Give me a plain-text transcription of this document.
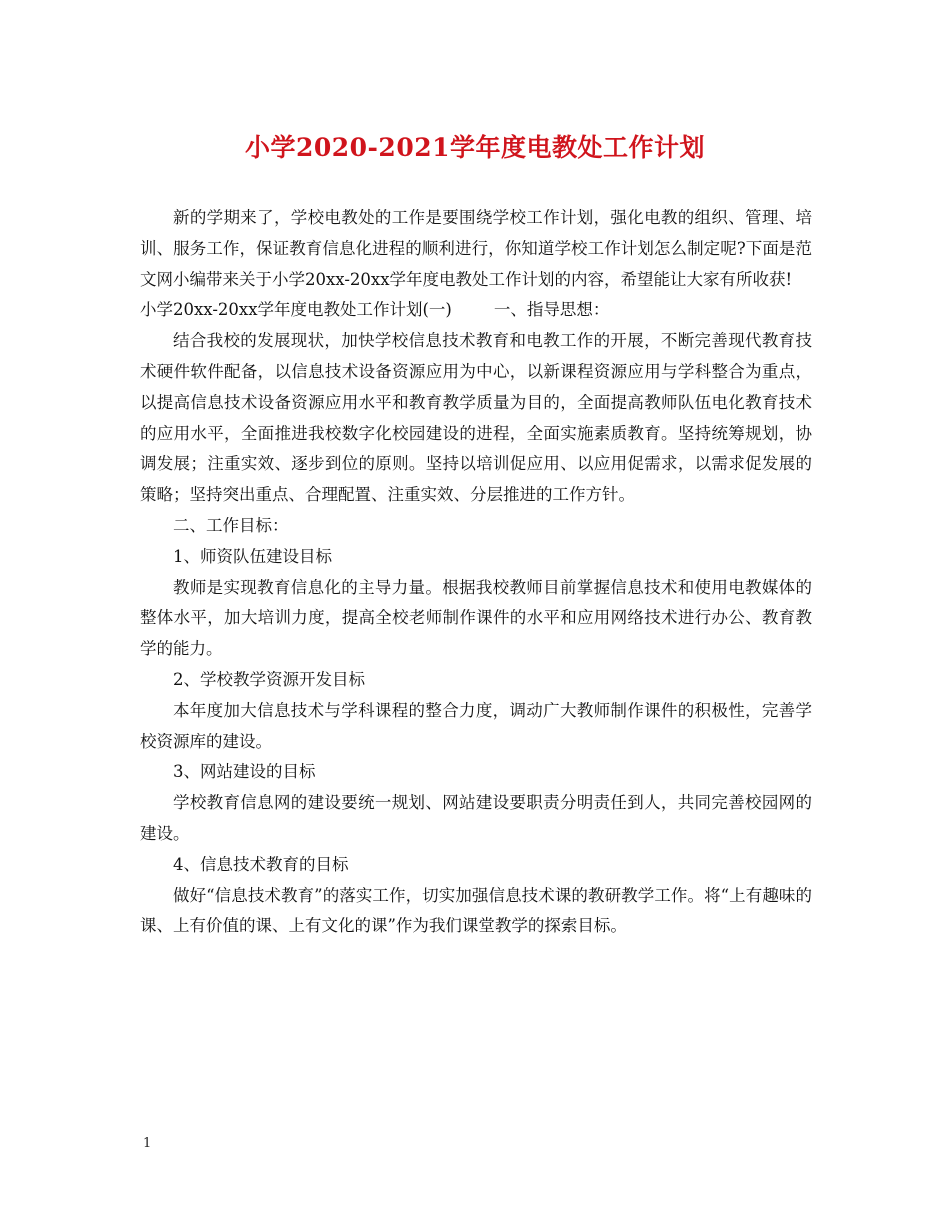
小学2020-2021学年度电教处工作计划

新的学期来了，学校电教处的工作是要围绕学校工作计划，强化电教的组织、管理、培训、服务工作，保证教育信息化进程的顺利进行，你知道学校工作计划怎么制定呢?下面是范文网小编带来关于小学20xx-20xx学年度电教处工作计划的内容，希望能让大家有所收获!

小学20xx-20xx学年度电教处工作计划(一)	一、指导思想：

结合我校的发展现状，加快学校信息技术教育和电教工作的开展，不断完善现代教育技术硬件软件配备，以信息技术设备资源应用为中心，以新课程资源应用与学科整合为重点，以提高信息技术设备资源应用水平和教育教学质量为目的，全面提高教师队伍电化教育技术的应用水平，全面推进我校数字化校园建设的进程，全面实施素质教育。坚持统筹规划，协调发展；注重实效、逐步到位的原则。坚持以培训促应用、以应用促需求，以需求促发展的策略；坚持突出重点、合理配置、注重实效、分层推进的工作方针。

二、工作目标：

1、师资队伍建设目标

教师是实现教育信息化的主导力量。根据我校教师目前掌握信息技术和使用电教媒体的整体水平，加大培训力度，提高全校老师制作课件的水平和应用网络技术进行办公、教育教学的能力。

2、学校教学资源开发目标

本年度加大信息技术与学科课程的整合力度，调动广大教师制作课件的积极性，完善学校资源库的建设。

3、网站建设的目标

学校教育信息网的建设要统一规划、网站建设要职责分明责任到人，共同完善校园网的建设。

4、信息技术教育的目标

做好“信息技术教育”的落实工作，切实加强信息技术课的教研教学工作。将“上有趣味的课、上有价值的课、上有文化的课”作为我们课堂教学的探索目标。

1
